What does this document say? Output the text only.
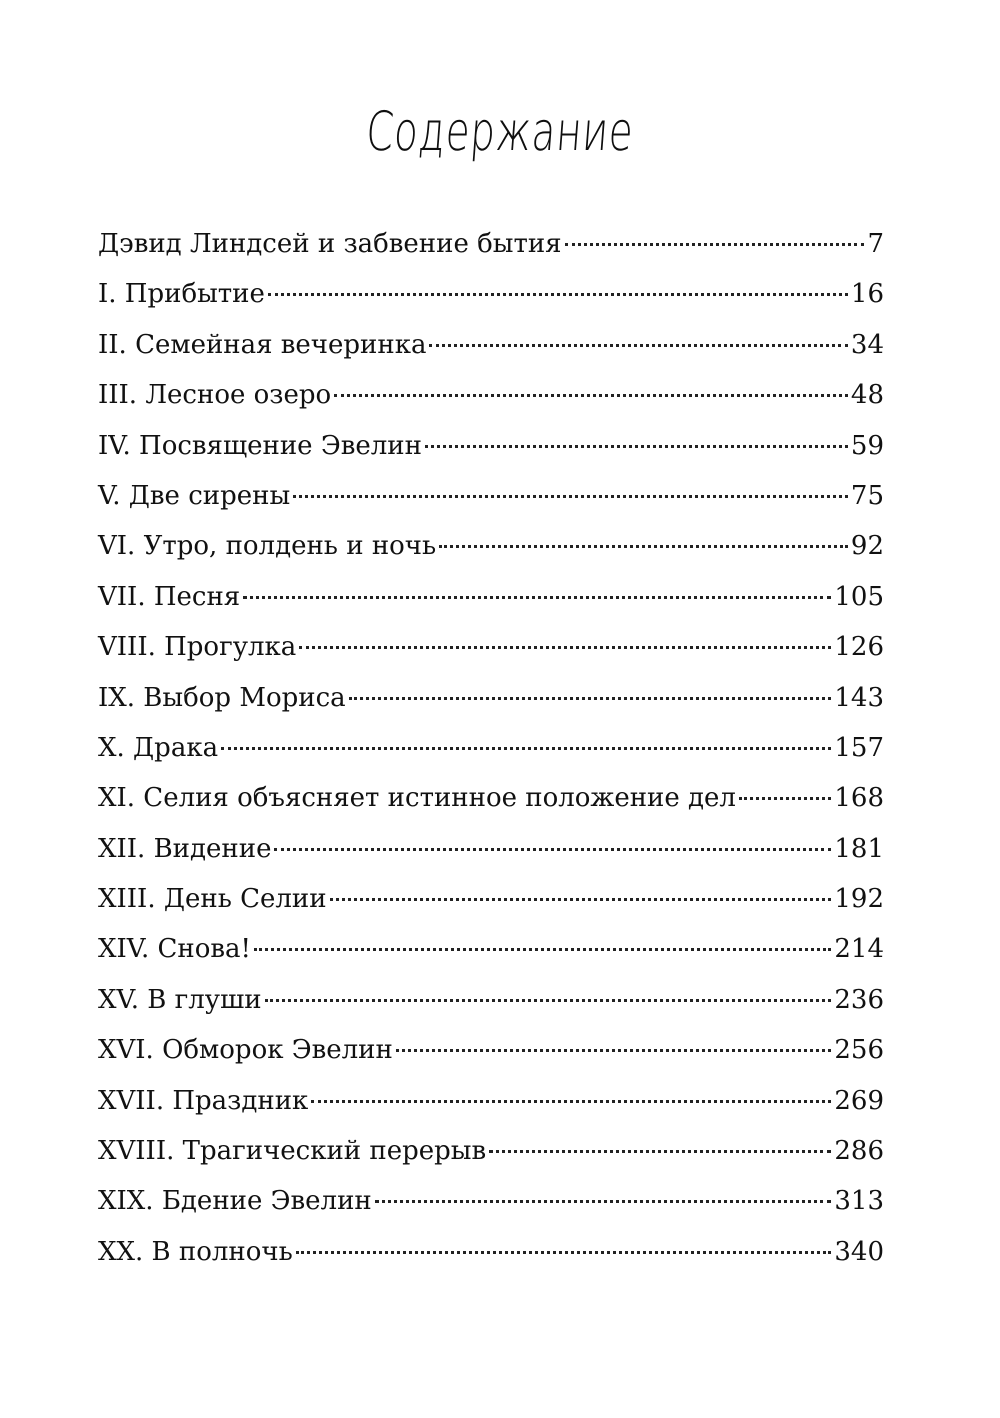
Содержание
Дэвид Линдсей и забвение бытия	7
I. Прибытие	16
II. Семейная вечеринка	34
III. Лесное озеро	48
IV. Посвящение Эвелин	59
V. Две сирены	75
VI. Утро, полдень и ночь	92
VII. Песня	105
VIII. Прогулка	126
IX. Выбор Мориса	143
X. Драка	157
XI. Селия объясняет истинное положение дел	168
XII. Видение	181
XIII. День Селии	192
XIV. Снова!	214
XV. В глуши	236
XVI. Обморок Эвелин	256
XVII. Праздник	269
XVIII. Трагический перерыв	286
XIX. Бдение Эвелин	313
XX. В полночь	340
